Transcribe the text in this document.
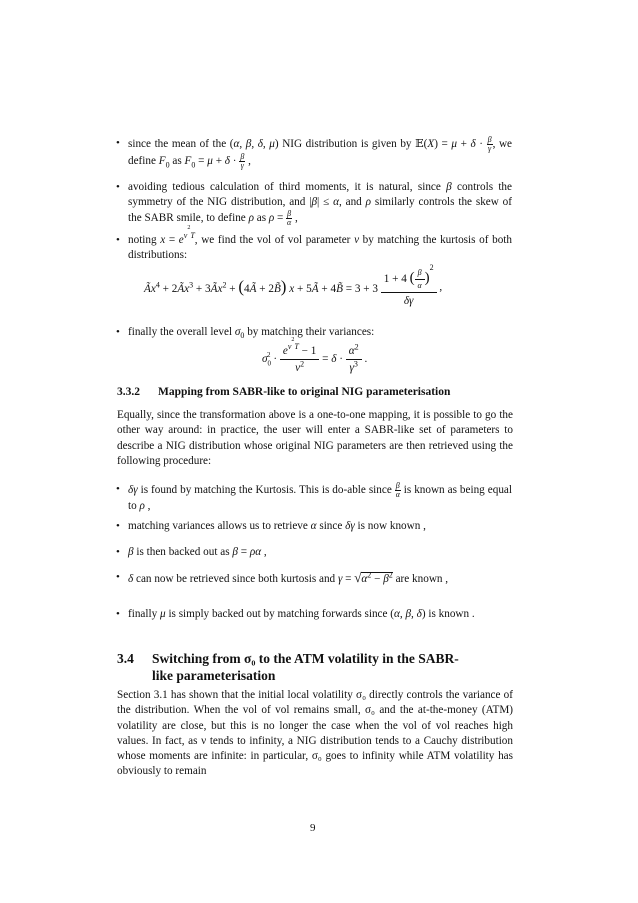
• since the mean of the (α, β, δ, μ) NIG distribution is given by 𝔼(X) = $\mu + \delta \cdot \frac{\beta}{\gamma}$ , we define $F_0$ as $F_0 = \mu + \delta \cdot \frac{\beta}{\gamma}$ ,
• avoiding tedious calculation of third moments, it is natural, since β controls the symmetry of the NIG distribution, and |β| ≤ α, and ρ similarly controls the skew of the SABR smile, to define ρ as $\rho = \frac{\beta}{\alpha}$ ,
• noting $x = e^{\nu^2T}$, we find the vol of vol parameter ν by matching the kurtosis of both distributions:
$Ãx^4$ + $2Ãx^3$ + $3Ãx^2$ + (4Ã + 2B̃) x + 5Ã + 4B̃ = $3 + 3 \frac{1 + 4 ( \frac{\beta}{\alpha} )^2}{\delta\gamma}$ ,
• finally the overall level $\sigma_0$ by matching their variances:
$\sigma_0^2 \cdot \frac{e^{\nu^2T} - 1}{\nu^2} = \delta \cdot \frac{\alpha^2}{\gamma^3}$ .
3.3.2 Mapping from SABR-like to original NIG parameterisation
Equally, since the transformation above is a one-to-one mapping, it is possible to go the other way around: in practice, the user will enter a SABR-like set of parameters to describe a NIG distribution whose original NIG parameters are then retrieved using the following procedure:
• δγ is found by matching the Kurtosis. This is do-able since $\frac{\beta}{\alpha}$ is known as being equal to ρ ,
• matching variances allows us to retrieve α since δγ is now known ,
• β is then backed out as β = ρα ,
• δ can now be retrieved since both kurtosis and $\gamma = √\alpha^2 - \beta^2$ are known ,
• finally μ is simply backed out by matching forwards since (α, β, δ) is known .
3.4 Switching from σ₀ to the ATM volatility in the SABR-
like parameterisation
Section 3.1 has shown that the initial local volatility σ₀ directly controls the variance of the distribution. When the vol of vol remains small, σ₀ and the at-the-money (ATM) volatility are close, but this is no longer the case when the vol of vol reaches high values. In fact, as ν tends to infinity, a NIG distribution tends to a Cauchy distribution whose moments are infinite: in particular, σ₀ goes to infinity while ATM volatility has obviously to remain
9
